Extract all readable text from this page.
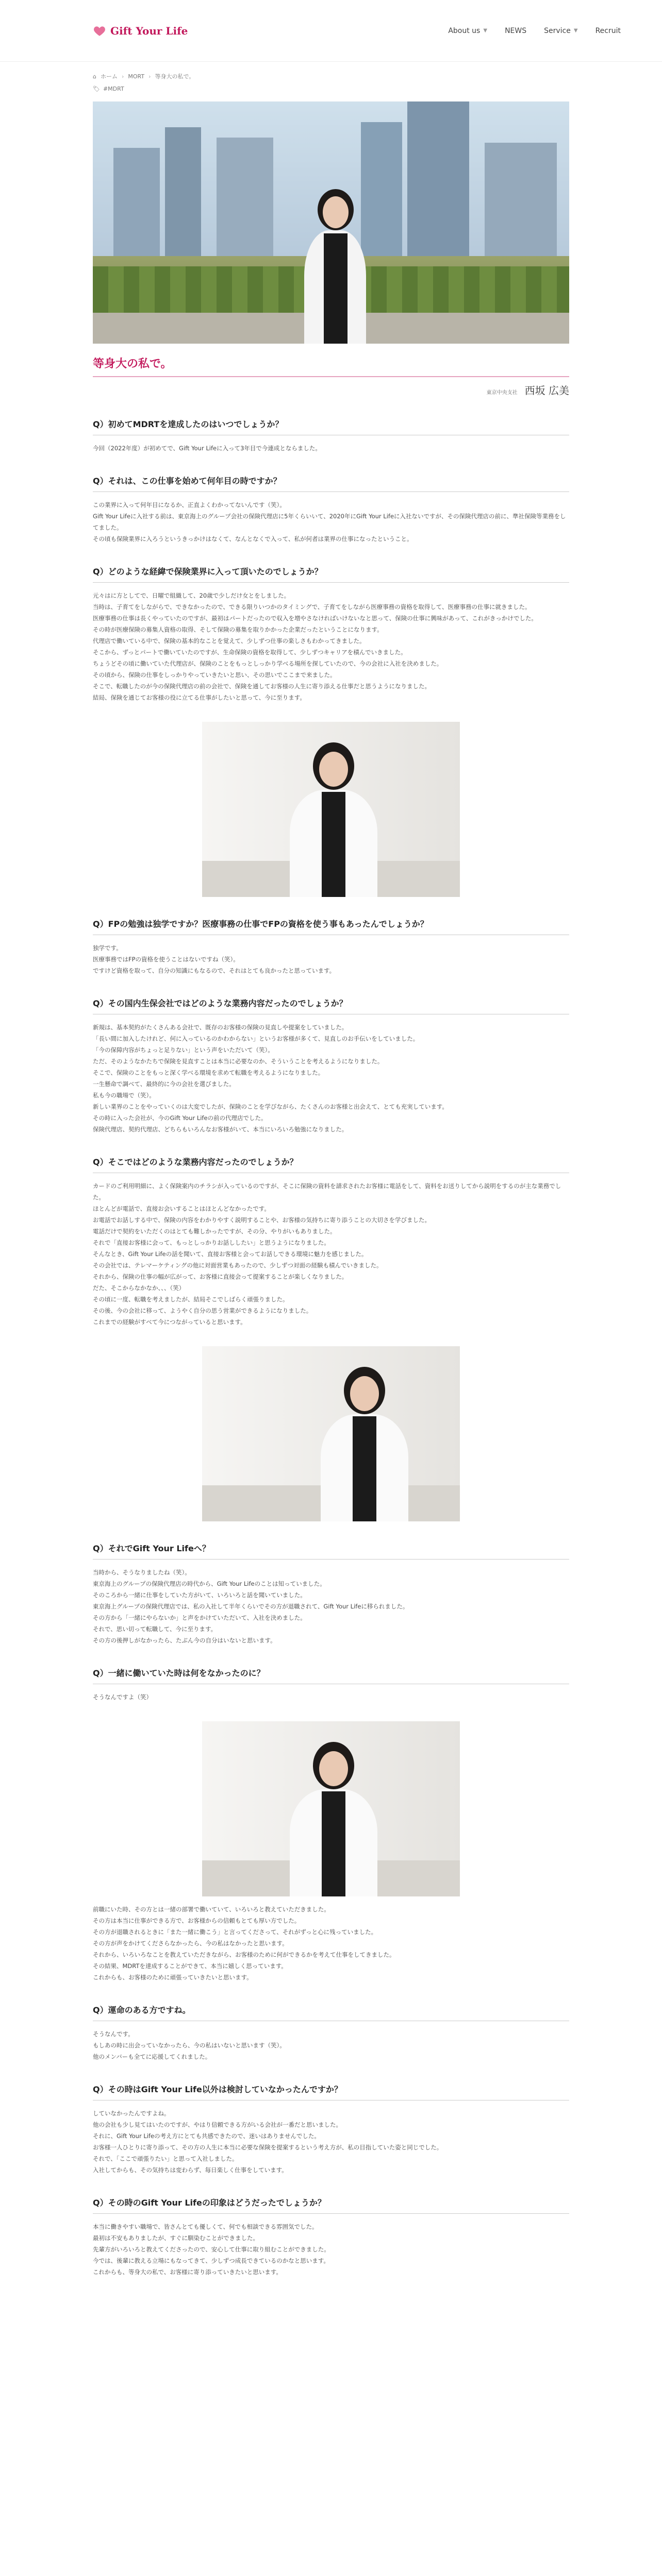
Gift Your Life	About us ▼ NEWS Service ▼ Recruit
⌂ ホーム › MORT › 等身大の私で。
🏷 #MDRT
等身大の私で。
東京中央支社 西坂 広美
Q）初めてMDRTを達成したのはいつでしょうか？

今回（2022年度）が初めてで、Gift Your Lifeに入って3年目で今連成とならました。

Q）それは、この仕事を始めて何年目の時ですか？

この業界に入って何年目になるか、正直よくわかってないんです（笑）。
Gift Your Lifeに入社する前は、東京海上のグループ会社の保険代理店に5年くらいいて、2020年にGift Your Lifeに入社ないですが、その保険代理店の前に、準社保険等業務をしてました。
その頃も保険業界に入ろうというきっかけはなくて、なんとなくで入って、私が何者は業界の仕事になったということ。

Q）どのような経緯で保険業界に入って頂いたのでしょうか？

元々はに方としてで、日曜で組織して、20歳で少しだけ女とをしました。
当時は、子育てをしながらで、できなかったので、できる限りいつかのタイミングで、子育てをしながら医療事務の資格を取得して、医療事務の仕事に就きました。
医療事務の仕事は長くやっていたのですが、最初はパートだったので収入を増やさなければいけないなと思って、保険の仕事に興味があって、これがきっかけでした。
その時が医療保険の募集人資格の取得、そして保険の募集を取りかかった企業だったということになります。
代理店で働いている中で、保険の基本的なことを覚えて、少しずつ仕事の楽しさもわかってきました。
そこから、ずっとパートで働いていたのですが、生命保険の資格を取得して、少しずつキャリアを積んでいきました。
ちょうどその頃に働いていた代理店が、保険のことをもっとしっかり学べる場所を探していたので、今の会社に入社を決めました。
その頃から、保険の仕事をしっかりやっていきたいと思い、その思いでここまで来ました。
そこで、転職したのが今の保険代理店の前の会社で、保険を通してお客様の人生に寄り添える仕事だと思うようになりました。
結局、保険を通じてお客様の役に立てる仕事がしたいと思って、今に至ります。

Q）FPの勉強は独学ですか？医療事務の仕事でFPの資格を使う事もあったんでしょうか？

独学です。
医療事務ではFPの資格を使うことはないですね（笑）。
ですけど資格を取って、自分の知識にもなるので、それはとても良かったと思っています。

Q）その国内生保会社ではどのような業務内容だったのでしょうか？

新規は、基本契約がたくさんある会社で、既存のお客様の保険の見直しや提案をしていました。
「長い間に加入したけれど、何に入っているのかわからない」というお客様が多くて、見直しのお手伝いをしていました。
「今の保障内容がちょっと足りない」という声をいただいて（笑）。
ただ、そのようなかたちで保険を見直すことは本当に必要なのか、そういうことを考えるようになりました。
そこで、保険のことをもっと深く学べる環境を求めて転職を考えるようになりました。
一生懸命で調べて、最終的に今の会社を選びました。
私も今の職場で（笑）。
新しい業界のことをやっていくのは大変でしたが、保険のことを学びながら、たくさんのお客様と出会えて、とても充実しています。
その時に入った会社が、今のGift Your Lifeの前の代理店でした。
保険代理店、契約代理店、どちらもいろんなお客様がいて、本当にいろいろ勉強になりました。

Q）そこではどのような業務内容だったのでしょうか？

カードのご利用明細に、よく保険案内のチラシが入っているのですが、そこに保険の資料を請求されたお客様に電話をして、資料をお送りしてから説明をするのが主な業務でした。
ほとんどが電話で、直接お会いすることはほとんどなかったです。
お電話でお話しする中で、保険の内容をわかりやすく説明することや、お客様の気持ちに寄り添うことの大切さを学びました。
電話だけで契約をいただくのはとても難しかったですが、その分、やりがいもありました。
それで「直接お客様に会って、もっとしっかりお話ししたい」と思うようになりました。
そんなとき、Gift Your Lifeの話を聞いて、直接お客様と会ってお話しできる環境に魅力を感じました。
その会社では、テレマーケティングの他に対面営業もあったので、少しずつ対面の経験も積んでいきました。
それから、保険の仕事の幅が広がって、お客様に直接会って提案することが楽しくなりました。
だた、そこからなかなか、、、（笑）
その頃に一度、転職を考えましたが、結局そこでしばらく頑張りました。
その後、今の会社に移って、ようやく自分の思う営業ができるようになりました。
これまでの経験がすべて今につながっていると思います。

Q）それでGift Your Lifeへ？

当時から、そうなりましたね（笑）。
東京海上のグループの保険代理店の時代から、Gift Your Lifeのことは知っていました。
そのころから一緒に仕事をしていた方がいて、いろいろと話を聞いていました。
東京海上グループの保険代理店では、私の入社して半年くらいでその方が退職されて、Gift Your Lifeに移られました。
その方から「一緒にやらないか」と声をかけていただいて、入社を決めました。
それで、思い切って転職して、今に至ります。
その方の後押しがなかったら、たぶん今の自分はいないと思います。

Q）一緒に働いていた時は何をなかったのに？

そうなんですよ（笑）

前職にいた時、その方とは一緒の部署で働いていて、いろいろと教えていただきました。
その方は本当に仕事ができる方で、お客様からの信頼もとても厚い方でした。
その方が退職されるときに「また一緒に働こう」と言ってくださって、それがずっと心に残っていました。
その方が声をかけてくださらなかったら、今の私はなかったと思います。
それから、いろいろなことを教えていただきながら、お客様のために何ができるかを考えて仕事をしてきました。
その結果、MDRTを達成することができて、本当に嬉しく思っています。
これからも、お客様のために頑張っていきたいと思います。

Q）運命のある方ですね。

そうなんです。
もしあの時に出会っていなかったら、今の私はいないと思います（笑）。
他のメンバーも全てに応援してくれました。

Q）その時はGift Your Life以外は検討していなかったんですか？

していなかったんですよね。
他の会社も少し見てはいたのですが、やはり信頼できる方がいる会社が一番だと思いました。
それに、Gift Your Lifeの考え方にとても共感できたので、迷いはありませんでした。
お客様一人ひとりに寄り添って、その方の人生に本当に必要な保険を提案するという考え方が、私の目指していた姿と同じでした。
それで、「ここで頑張りたい」と思って入社しました。
入社してからも、その気持ちは変わらず、毎日楽しく仕事をしています。

Q）その時のGift Your Lifeの印象はどうだったでしょうか？

本当に働きやすい職場で、皆さんとても優しくて、何でも相談できる雰囲気でした。
最初は不安もありましたが、すぐに馴染むことができました。
先輩方がいろいろと教えてくださったので、安心して仕事に取り組むことができました。
今では、後輩に教える立場にもなってきて、少しずつ成長できているのかなと思います。
これからも、等身大の私で、お客様に寄り添っていきたいと思います。
